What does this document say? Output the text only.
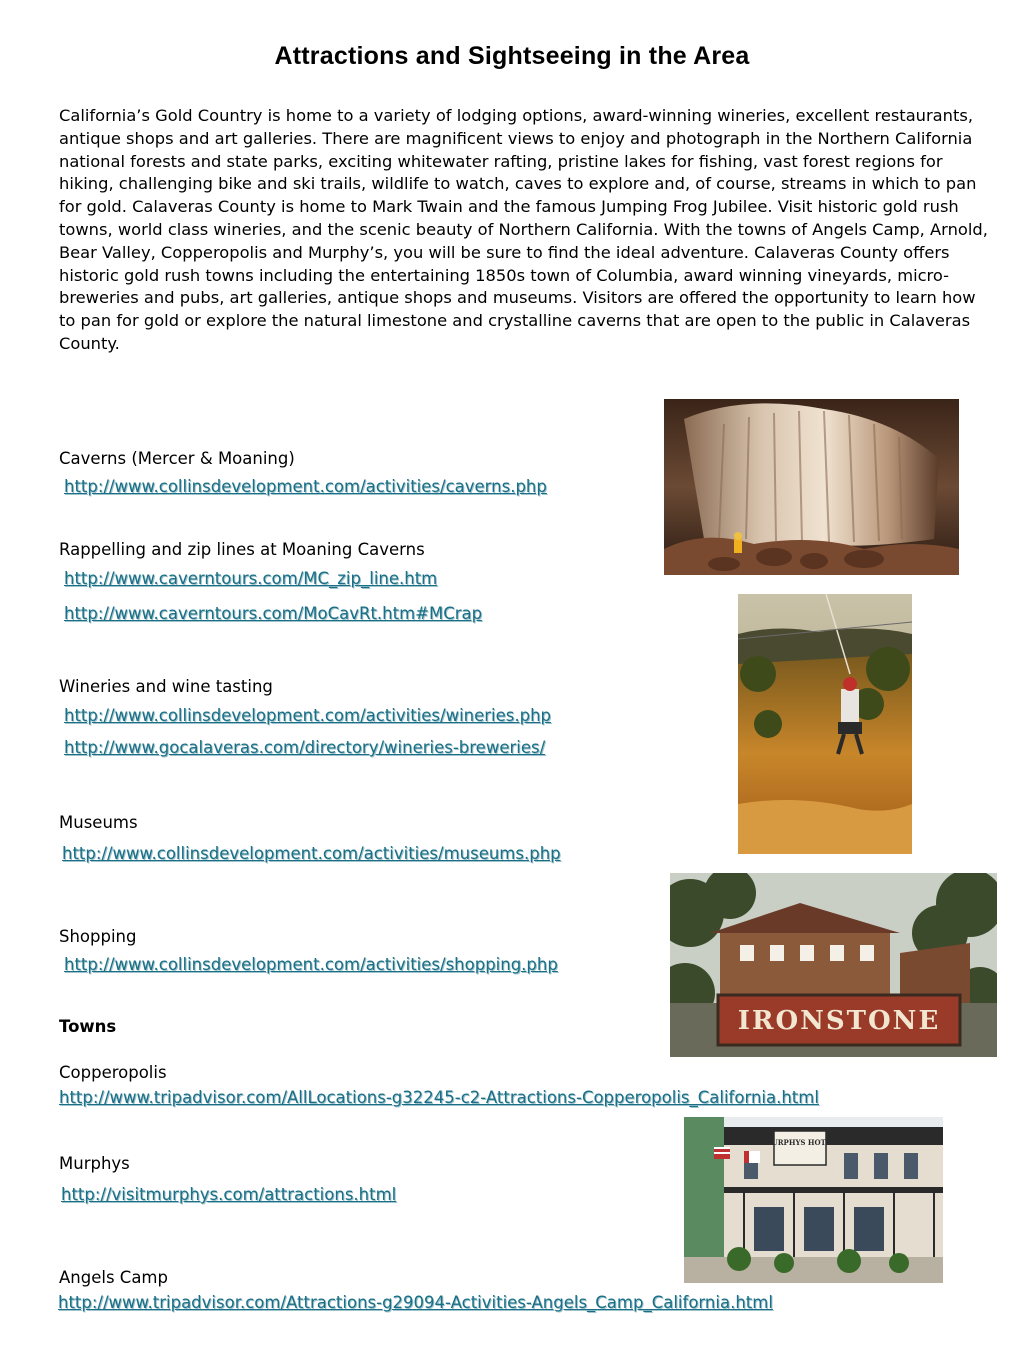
Attractions and Sightseeing in the Area

California’s Gold Country is home to a variety of lodging options, award-winning wineries, excellent restaurants, antique shops and art galleries. There are magnificent views to enjoy and photograph in the Northern California national forests and state parks, exciting whitewater rafting, pristine lakes for fishing, vast forest regions for hiking, challenging bike and ski trails, wildlife to watch, caves to explore and, of course, streams in which to pan for gold. Calaveras County is home to Mark Twain and the famous Jumping Frog Jubilee. Visit historic gold rush towns, world class wineries, and the scenic beauty of Northern California. With the towns of Angels Camp, Arnold, Bear Valley, Copperopolis and Murphy’s, you will be sure to find the ideal adventure. Calaveras County offers historic gold rush towns including the entertaining 1850s town of Columbia, award winning vineyards, micro-breweries and pubs, art galleries, antique shops and museums. Visitors are offered the opportunity to learn how to pan for gold or explore the natural limestone and crystalline caverns that are open to the public in Calaveras County.

Caverns (Mercer & Moaning)

http://www.collinsdevelopment.com/activities/caverns.php

Rappelling and zip lines at Moaning Caverns

http://www.caverntours.com/MC_zip_line.htm
http://www.caverntours.com/MoCavRt.htm#MCrap

Wineries and wine tasting

http://www.collinsdevelopment.com/activities/wineries.php
http://www.gocalaveras.com/directory/wineries-breweries/

Museums

http://www.collinsdevelopment.com/activities/museums.php

Shopping

http://www.collinsdevelopment.com/activities/shopping.php

Towns

Copperopolis

http://www.tripadvisor.com/AllLocations-g32245-c2-Attractions-Copperopolis_California.html

Murphys

http://visitmurphys.com/attractions.html

Angels Camp

http://www.tripadvisor.com/Attractions-g29094-Activities-Angels_Camp_California.html
IRONSTONE
MURPHYS HOTEL
